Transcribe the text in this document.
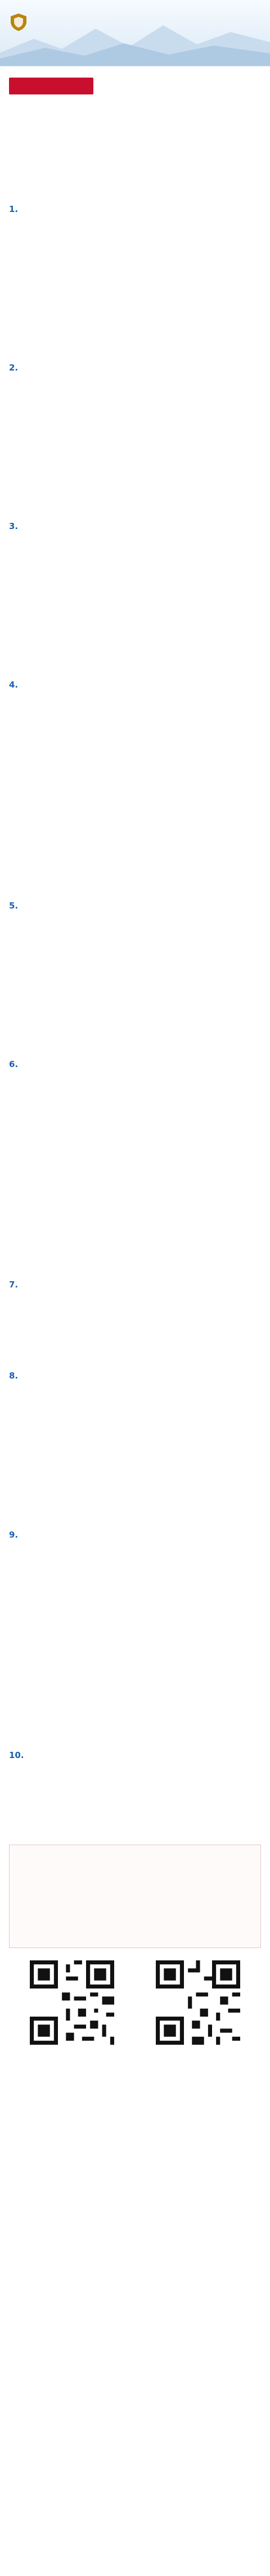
1.

2.

3.

4.

5.

6.

7.

8.

9.

10.
